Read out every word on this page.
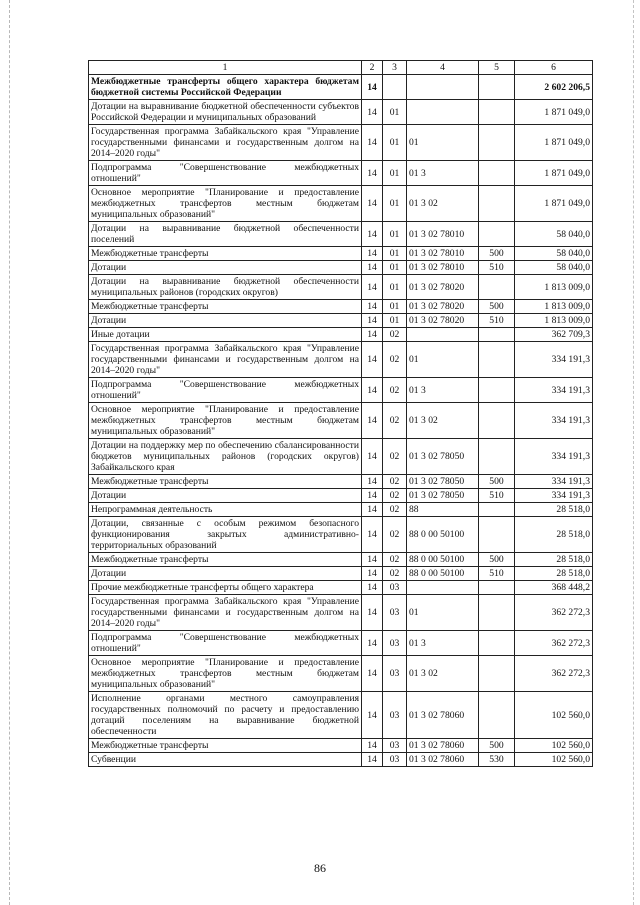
1	2	3	4	5	6
Межбюджетные трансферты общего характера бюджетам бюджетной системы Российской Федерации	14				2 602 206,5
Дотации на выравнивание бюджетной обеспеченности субъектов Российской Федерации и муниципальных образований	14	01			1 871 049,0
Государственная программа Забайкальского края "Управление государственными финансами и государственным долгом на 2014–2020 годы"	14	01	01		1 871 049,0
Подпрограмма "Совершенствование межбюджетных отношений"	14	01	01 3		1 871 049,0
Основное мероприятие "Планирование и предоставление межбюджетных трансфертов местным бюджетам муниципальных образований"	14	01	01 3 02		1 871 049,0
Дотации на выравнивание бюджетной обеспеченности поселений	14	01	01 3 02 78010		58 040,0
Межбюджетные трансферты	14	01	01 3 02 78010	500	58 040,0
Дотации	14	01	01 3 02 78010	510	58 040,0
Дотации на выравнивание бюджетной обеспеченности муниципальных районов (городских округов)	14	01	01 3 02 78020		1 813 009,0
Межбюджетные трансферты	14	01	01 3 02 78020	500	1 813 009,0
Дотации	14	01	01 3 02 78020	510	1 813 009,0
Иные дотации	14	02			362 709,3
Государственная программа Забайкальского края "Управление государственными финансами и государственным долгом на 2014–2020 годы"	14	02	01		334 191,3
Подпрограмма "Совершенствование межбюджетных отношений"	14	02	01 3		334 191,3
Основное мероприятие "Планирование и предоставление межбюджетных трансфертов местным бюджетам муниципальных образований"	14	02	01 3 02		334 191,3
Дотации на поддержку мер по обеспечению сбалансированности бюджетов муниципальных районов (городских округов) Забайкальского края	14	02	01 3 02 78050		334 191,3
Межбюджетные трансферты	14	02	01 3 02 78050	500	334 191,3
Дотации	14	02	01 3 02 78050	510	334 191,3
Непрограммная деятельность	14	02	88		28 518,0
Дотации, связанные с особым режимом безопасного функционирования закрытых административно-территориальных образований	14	02	88 0 00 50100		28 518,0
Межбюджетные трансферты	14	02	88 0 00 50100	500	28 518,0
Дотации	14	02	88 0 00 50100	510	28 518,0
Прочие межбюджетные трансферты общего характера	14	03			368 448,2
Государственная программа Забайкальского края "Управление государственными финансами и государственным долгом на 2014–2020 годы"	14	03	01		362 272,3
Подпрограмма "Совершенствование межбюджетных отношений"	14	03	01 3		362 272,3
Основное мероприятие "Планирование и предоставление межбюджетных трансфертов местным бюджетам муниципальных образований"	14	03	01 3 02		362 272,3
Исполнение органами местного самоуправления государственных полномочий по расчету и предоставлению дотаций поселениям на выравнивание бюджетной обеспеченности	14	03	01 3 02 78060		102 560,0
Межбюджетные трансферты	14	03	01 3 02 78060	500	102 560,0
Субвенции	14	03	01 3 02 78060	530	102 560,0
86
